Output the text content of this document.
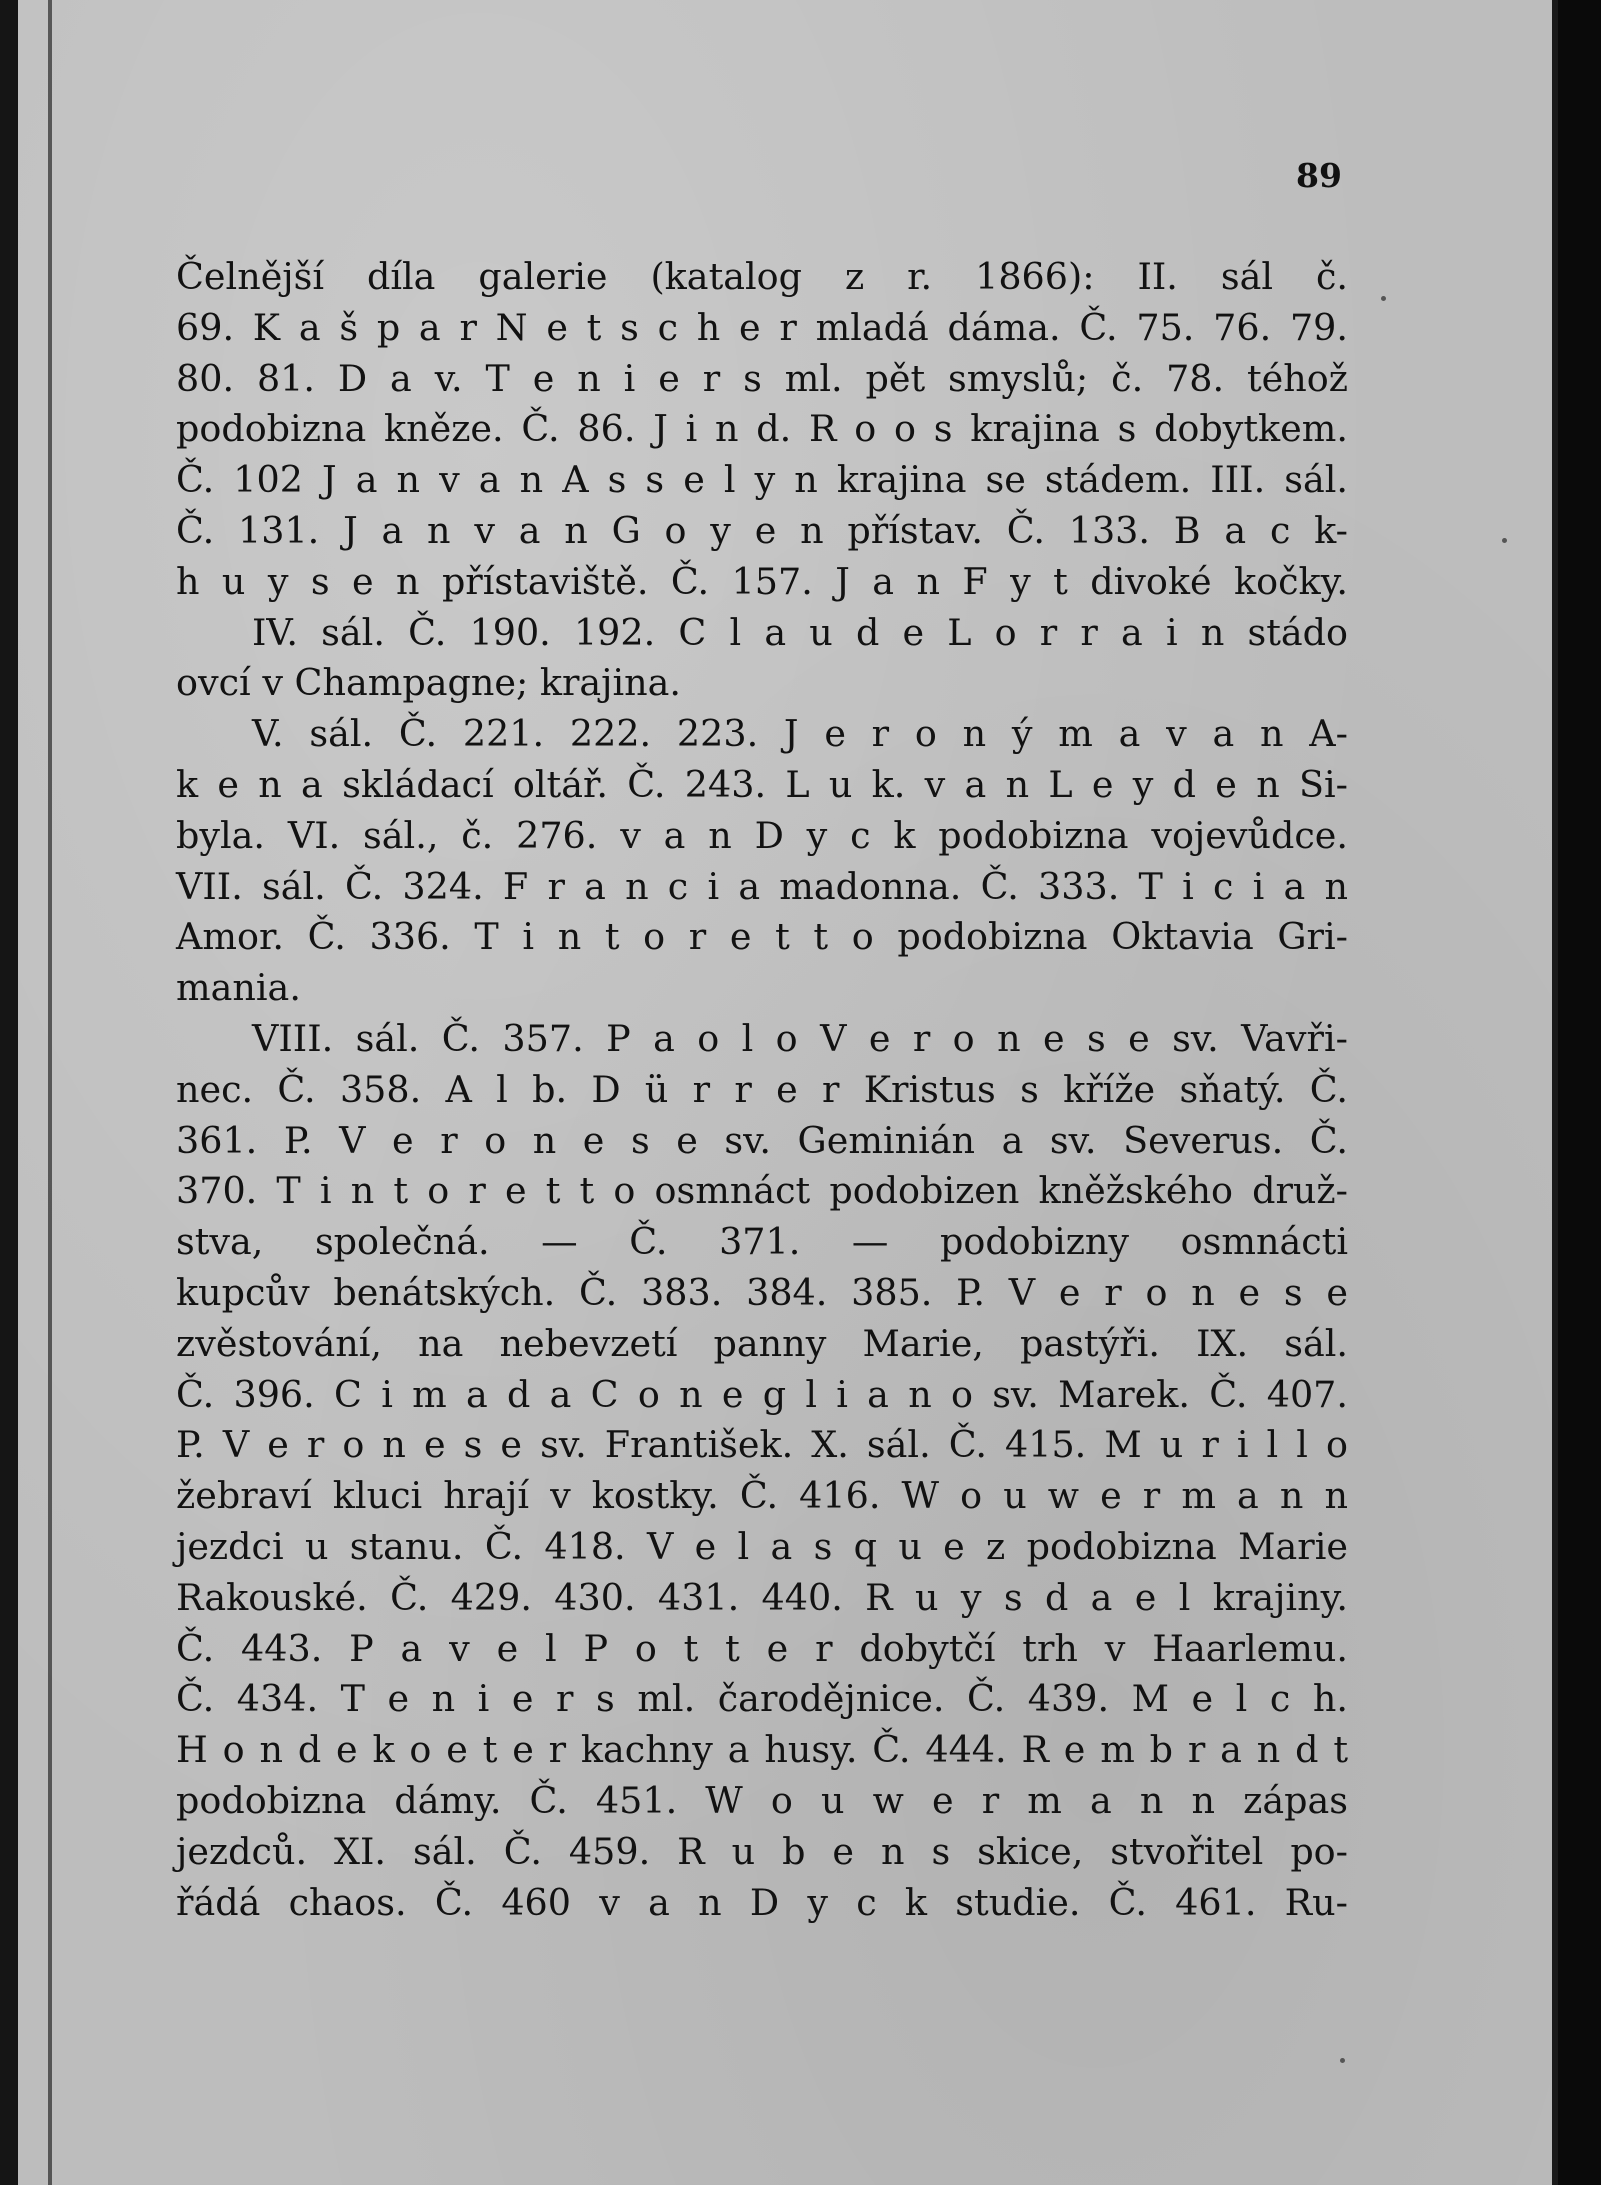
89
Čelnější díla galerie (katalog z r. 1866): II. sál č.
69. K a š p a r N e t s c h e r mladá dáma. Č. 75. 76. 79.
80. 81. D a v. T e n i e r s ml. pět smyslů; č. 78. téhož
podobizna kněze. Č. 86. J i n d. R o o s krajina s dobytkem.
Č. 102 J a n v a n A s s e l y n krajina se stádem. III. sál.
Č. 131. J a n v a n G o y e n přístav. Č. 133. B a c k-
h u y s e n přístaviště. Č. 157. J a n F y t divoké kočky.
IV. sál. Č. 190. 192. C l a u d e L o r r a i n stádo
ovcí v Champagne; krajina.
V. sál. Č. 221. 222. 223. J e r o n ý m a v a n A-
k e n a skládací oltář. Č. 243. L u k. v a n L e y d e n Si-
byla. VI. sál., č. 276. v a n D y c k podobizna vojevůdce.
VII. sál. Č. 324. F r a n c i a madonna. Č. 333. T i c i a n
Amor. Č. 336. T i n t o r e t t o podobizna Oktavia Gri-
mania.
VIII. sál. Č. 357. P a o l o V e r o n e s e sv. Vavři-
nec. Č. 358. A l b. D ü r r e r Kristus s kříže sňatý. Č.
361. P. V e r o n e s e sv. Geminián a sv. Severus. Č.
370. T i n t o r e t t o osmnáct podobizen kněžského druž-
stva, společná. — Č. 371. — podobizny osmnácti
kupcův benátských. Č. 383. 384. 385. P. V e r o n e s e
zvěstování, na nebevzetí panny Marie, pastýři. IX. sál.
Č. 396. C i m a d a C o n e g l i a n o sv. Marek. Č. 407.
P. V e r o n e s e sv. František. X. sál. Č. 415. M u r i l l o
žebraví kluci hrají v kostky. Č. 416. W o u w e r m a n n
jezdci u stanu. Č. 418. V e l a s q u e z podobizna Marie
Rakouské. Č. 429. 430. 431. 440. R u y s d a e l krajiny.
Č. 443. P a v e l P o t t e r dobytčí trh v Haarlemu.
Č. 434. T e n i e r s ml. čarodějnice. Č. 439. M e l c h.
H o n d e k o e t e r kachny a husy. Č. 444. R e m b r a n d t
podobizna dámy. Č. 451. W o u w e r m a n n zápas
jezdců. XI. sál. Č. 459. R u b e n s skice, stvořitel po-
řádá chaos. Č. 460 v a n D y c k studie. Č. 461. Ru-
